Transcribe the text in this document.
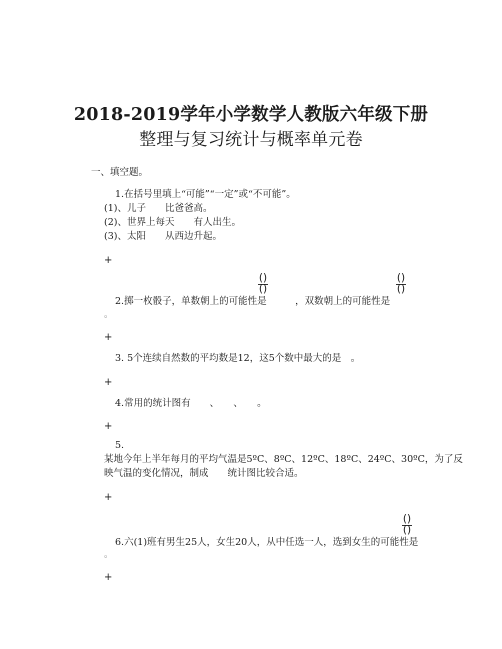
2018-2019学年小学数学人教版六年级下册
整理与复习统计与概率单元卷
一、填空题。
1.在括号里填上“可能”“一定”或“不可能”。
(1)、儿子　　比爸爸高。
(2)、世界上每天　　有人出生。
(3)、太阳　　从西边升起。
+
()
()
()
()
2.掷一枚骰子，单数朝上的可能性是　　　，双数朝上的可能性是
。
+
3. 5个连续自然数的平均数是12，这5个数中最大的是　。
+
4.常用的统计图有　　、　　、　　。
+
5.
某地今年上半年每月的平均气温是5ºC、8ºC、12ºC、18ºC、24ºC、30ºC，为了反
映气温的变化情况，制成　　统计图比较合适。
+
()
()
6.六(1)班有男生25人，女生20人，从中任选一人，选到女生的可能性是
。
+
